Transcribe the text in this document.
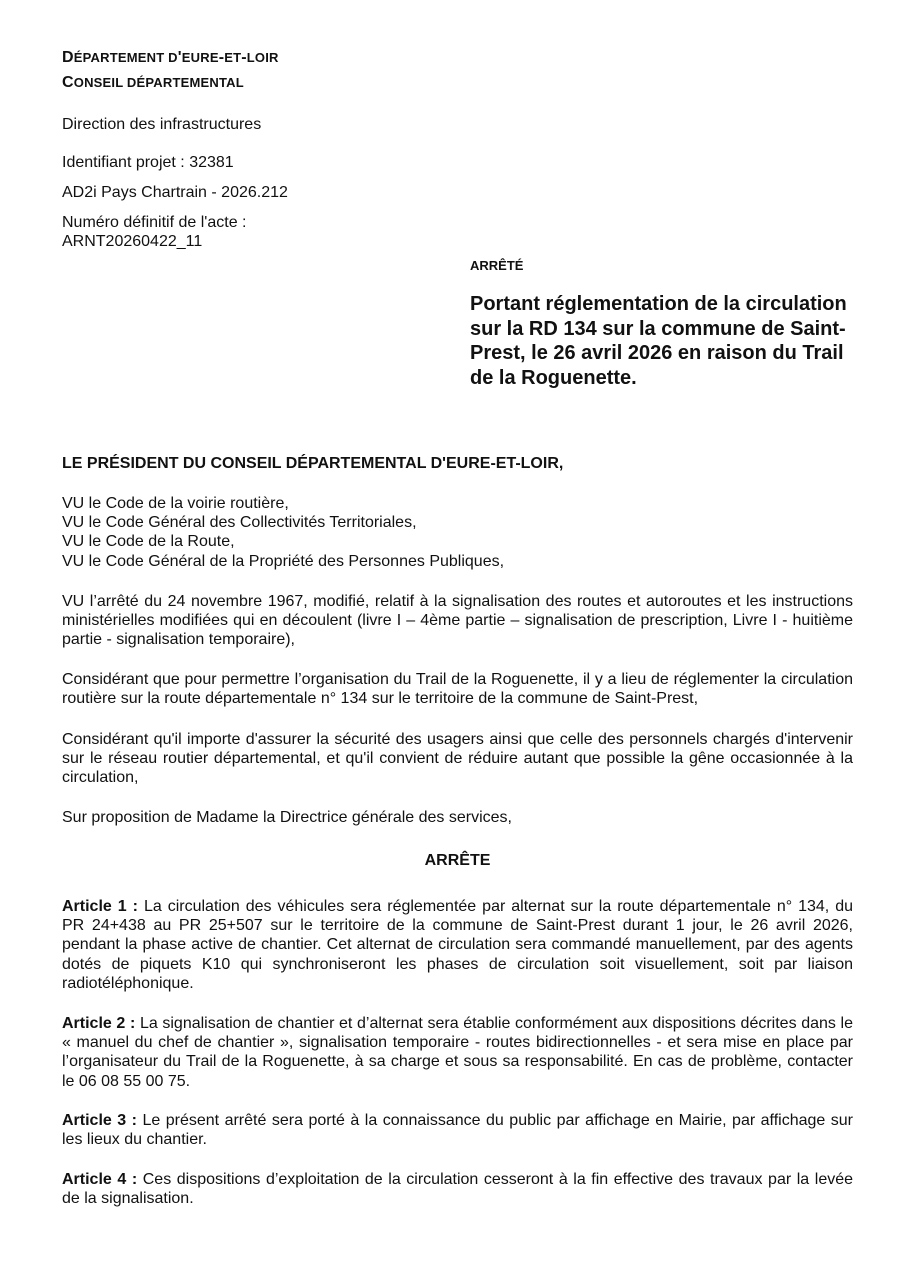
DÉPARTEMENT D'EURE-ET-LOIR
CONSEIL DÉPARTEMENTAL
Direction des infrastructures
Identifiant projet : 32381
AD2i Pays Chartrain - 2026.212
Numéro définitif de l'acte :
ARNT20260422_11
ARRÊTÉ
Portant réglementation de la circulation sur la RD 134 sur la commune de Saint-Prest, le 26 avril 2026 en raison du Trail de la Roguenette.
LE PRÉSIDENT DU CONSEIL DÉPARTEMENTAL D'EURE-ET-LOIR,
VU le Code de la voirie routière,
VU le Code Général des Collectivités Territoriales,
VU le Code de la Route,
VU le Code Général de la Propriété des Personnes Publiques,
VU l’arrêté du 24 novembre 1967, modifié, relatif à la signalisation des routes et autoroutes et les instructions ministérielles modifiées qui en découlent (livre I – 4ème partie – signalisation de prescription, Livre I - huitième partie - signalisation temporaire),
Considérant que pour permettre l’organisation du Trail de la Roguenette, il y a lieu de réglementer la circulation routière sur la route départementale n° 134 sur le territoire de la commune de Saint-Prest,
Considérant qu'il importe d'assurer la sécurité des usagers ainsi que celle des personnels chargés d'intervenir sur le réseau routier départemental, et qu'il convient de réduire autant que possible la gêne occasionnée à la circulation,
Sur proposition de Madame la Directrice générale des services,
ARRÊTE
Article 1 : La circulation des véhicules sera réglementée par alternat sur la route départementale n° 134, du PR 24+438 au PR 25+507 sur le territoire de la commune de Saint-Prest durant 1 jour, le 26 avril 2026, pendant la phase active de chantier. Cet alternat de circulation sera commandé manuellement, par des agents dotés de piquets K10 qui synchroniseront les phases de circulation soit visuellement, soit par liaison radiotéléphonique.
Article 2 : La signalisation de chantier et d’alternat sera établie conformément aux dispositions décrites dans le « manuel du chef de chantier », signalisation temporaire - routes bidirectionnelles - et sera mise en place par l’organisateur du Trail de la Roguenette, à sa charge et sous sa responsabilité. En cas de problème, contacter le 06 08 55 00 75.
Article 3 : Le présent arrêté sera porté à la connaissance du public par affichage en Mairie, par affichage sur les lieux du chantier.
Article 4 : Ces dispositions d’exploitation de la circulation cesseront à la fin effective des travaux par la levée de la signalisation.
